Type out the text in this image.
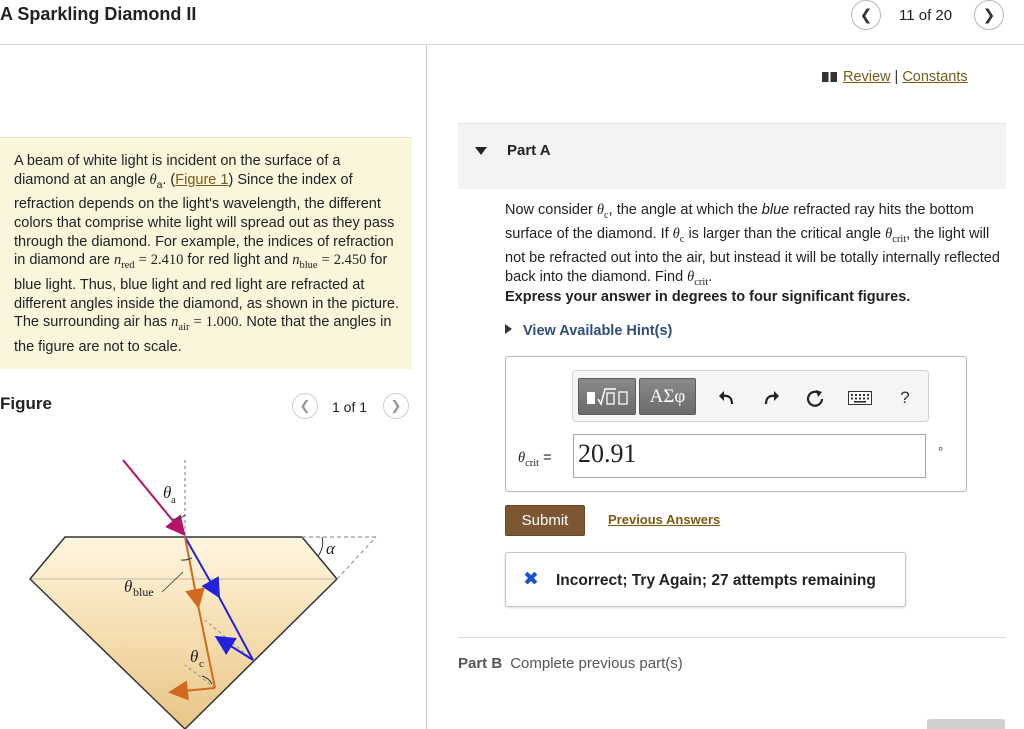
A Sparkling Diamond II	❮ 11 of 20 ❯
A beam of white light is incident on the surface of a diamond at an angle $\theta_a$. (Figure 1) Since the index of refraction depends on the light's wavelength, the different colors that comprise white light will spread out as they pass through the diamond. For example, the indices of refraction in diamond are $n_{red} = 2.410$ for red light and $n_{blue} = 2.450$ for blue light. Thus, blue light and red light are refracted at different angles inside the diamond, as shown in the picture. The surrounding air has $n_{air} = 1.000$. Note that the angles in the figure are not to scale.
Figure	❮ 1 of 1 ❯
θ a
θ blue
θ c
α
Review | Constants
Part A
Now consider $\theta_c$, the angle at which the blue refracted ray hits the bottom surface of the diamond. If $\theta_c$ is larger than the critical angle $\theta_{crit}$, the light will not be refracted out into the air, but instead it will be totally internally reflected back into the diamond. Find $\theta_{crit}$.
Express your answer in degrees to four significant figures.
View Available Hint(s)
ΑΣφ	?
$\theta_{crit} = 20.91$	°
Submit	Previous Answers
✖ Incorrect; Try Again; 27 attempts remaining
Part B Complete previous part(s)
